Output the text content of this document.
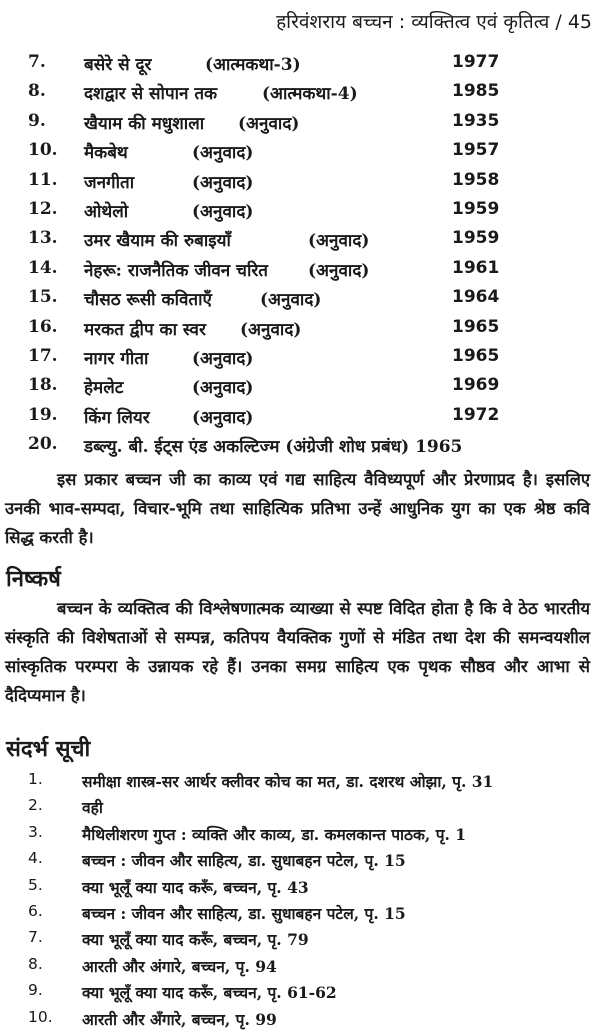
हरिवंशराय बच्चन : व्यक्तित्व एवं कृतित्व / 45
7. बसेरे से दूर	(आत्मकथा-3)	1977
8. दशद्वार से सोपान तक	(आत्मकथा-4)	1985
9. खैयाम की मधुशाला (अनुवाद)	1935
10. मैकबेथ	(अनुवाद)	1957
11. जनगीता	(अनुवाद)	1958
12. ओथेलो	(अनुवाद)	1959
13. उमर खैयाम की रुबाइयाँ	(अनुवाद)	1959
14. नेहरू: राजनैतिक जीवन चरित (अनुवाद)	1961
15. चौसठ रूसी कविताएँ	(अनुवाद)	1964
16. मरकत द्वीप का स्वर (अनुवाद)	1965
17. नागर गीता	(अनुवाद)	1965
18. हेमलेट	(अनुवाद)	1969
19. किंग लियर (अनुवाद)	1972
20. डब्ल्यु. बी. ईट्स एंड अकल्टिज्म (अंग्रेजी शोध प्रबंध) 1965

इस प्रकार बच्चन जी का काव्य एवं गद्य साहित्य वैविध्यपूर्ण और प्रेरणाप्रद है। इसलिए उनकी भाव-सम्पदा, विचार-भूमि तथा साहित्यिक प्रतिभा उन्हें आधुनिक युग का एक श्रेष्ठ कवि सिद्ध करती है।

निष्कर्ष

बच्चन के व्यक्तित्व की विश्लेषणात्मक व्याख्या से स्पष्ट विदित होता है कि वे ठेठ भारतीय संस्कृति की विशेषताओं से सम्पन्न, कतिपय वैयक्तिक गुणों से मंडित तथा देश की समन्वयशील सांस्कृतिक परम्परा के उन्नायक रहे हैं। उनका समग्र साहित्य एक पृथक सौष्ठव और आभा से दैदिप्यमान है।

संदर्भ सूची
1.	समीक्षा शास्त्र-सर आर्थर क्लीवर कोच का मत, डा. दशरथ ओझा, पृ. 31
2.	वही
3.	मैथिलीशरण गुप्त : व्यक्ति और काव्य, डा. कमलकान्त पाठक, पृ. 1
4.	बच्चन : जीवन और साहित्य, डा. सुधाबहन पटेल, पृ. 15
5.	क्या भूलूँ क्या याद करूँ, बच्चन, पृ. 43
6.	बच्चन : जीवन और साहित्य, डा. सुधाबहन पटेल, पृ. 15
7.	क्या भूलूँ क्या याद करूँ, बच्चन, पृ. 79
8.	आरती और अंगारे, बच्चन, पृ. 94
9.	क्या भूलूँ क्या याद करूँ, बच्चन, पृ. 61-62
10. आरती और अँगारे, बच्चन, पृ. 99
